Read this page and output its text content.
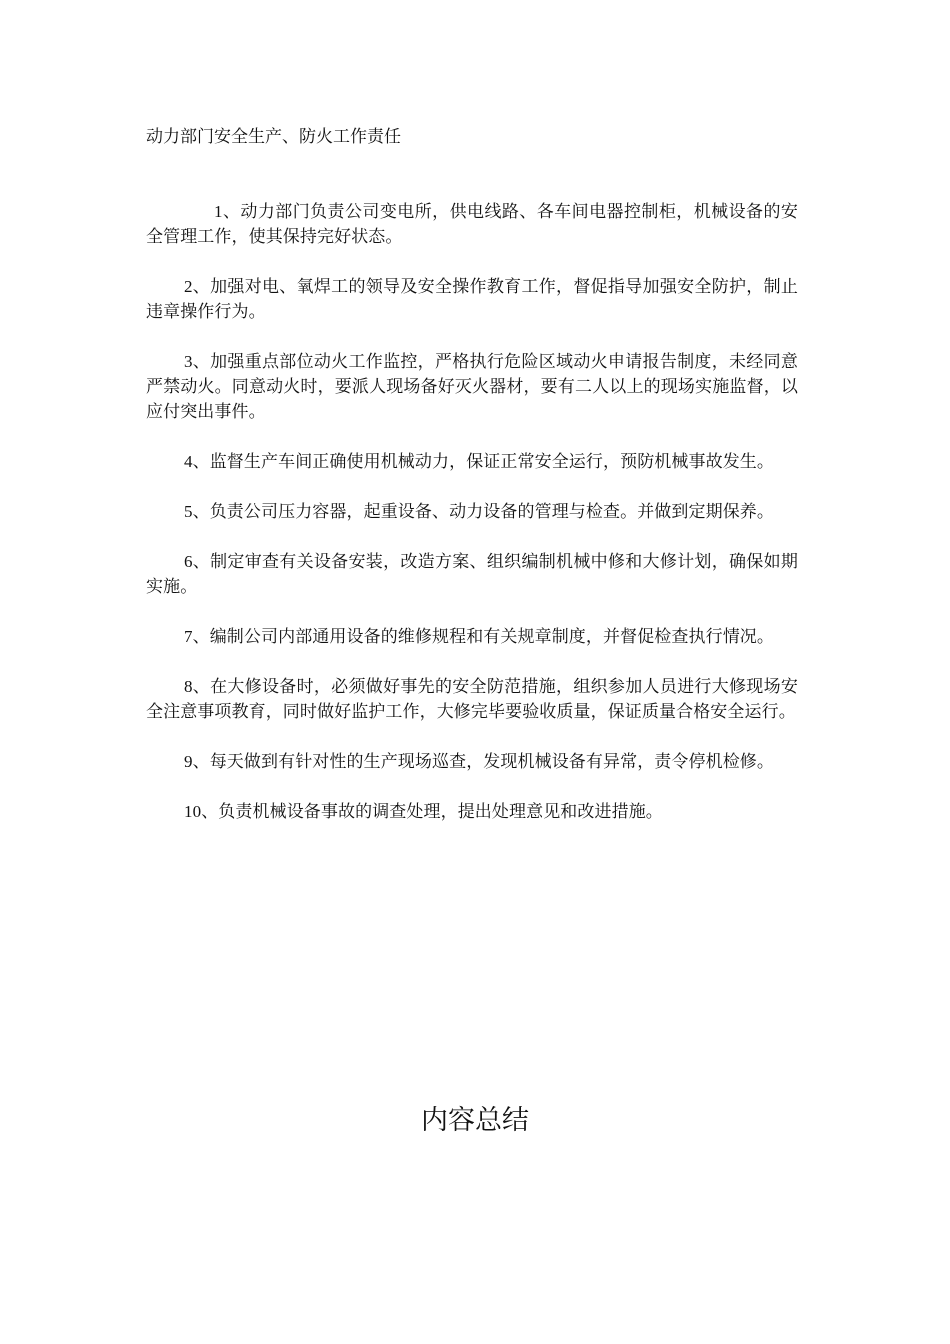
动力部门安全生产、防火工作责任

1、动力部门负责公司变电所，供电线路、各车间电器控制柜，机械设备的安全管理工作，使其保持完好状态。

2、加强对电、氧焊工的领导及安全操作教育工作，督促指导加强安全防护，制止违章操作行为。

3、加强重点部位动火工作监控，严格执行危险区域动火申请报告制度，未经同意严禁动火。同意动火时，要派人现场备好灭火器材，要有二人以上的现场实施监督，以应付突出事件。

4、监督生产车间正确使用机械动力，保证正常安全运行，预防机械事故发生。

5、负责公司压力容器，起重设备、动力设备的管理与检查。并做到定期保养。

6、制定审查有关设备安装，改造方案、组织编制机械中修和大修计划，确保如期实施。

7、编制公司内部通用设备的维修规程和有关规章制度，并督促检查执行情况。

8、在大修设备时，必须做好事先的安全防范措施，组织参加人员进行大修现场安全注意事项教育，同时做好监护工作，大修完毕要验收质量，保证质量合格安全运行。

9、每天做到有针对性的生产现场巡查，发现机械设备有异常，责令停机检修。

10、负责机械设备事故的调查处理，提出处理意见和改进措施。

内容总结
